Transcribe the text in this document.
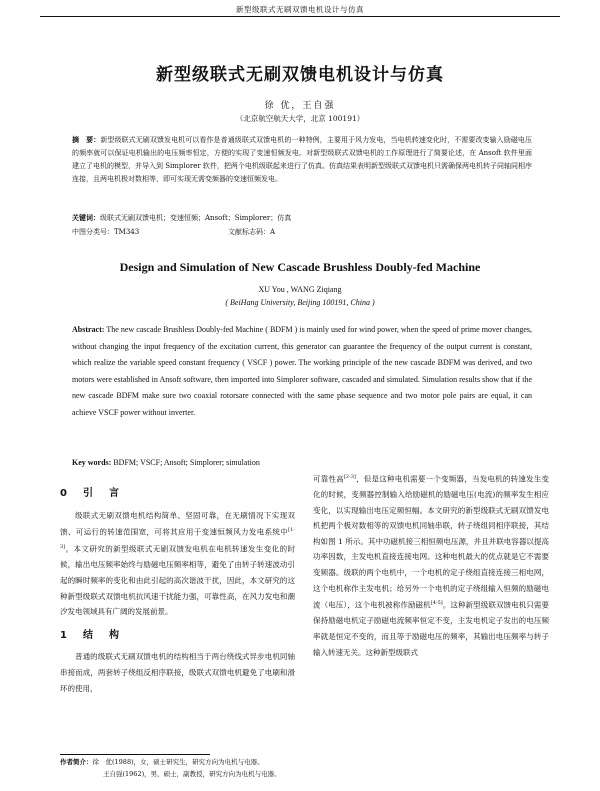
新型级联式无刷双馈电机设计与仿真
新型级联式无刷双馈电机设计与仿真
徐 优，王自强
（北京航空航天大学，北京 100191）
摘　要：新型级联式无刷双馈发电机可以看作是普通级联式双馈电机的一种特例，主要用于风力发电，当电机转速变化时，不需要改变输入励磁电压的频率就可以保证电机输出的电压频率恒定，方便的实现了变速恒频发电。对新型级联式双馈电机的工作原理进行了简要论述，在 Ansoft 软件里面建立了电机的模型，并导入到 Simplorer 软件，把两个电机级联起来进行了仿真。仿真结果表明新型级联式双馈电机只需确保两电机转子同轴同相序连接，且两电机极对数相等，即可实现无需变频器的变速恒频发电。
关键词：级联式无刷双馈电机；变速恒频；Ansoft；Simplorer；仿真
中图分类号：TM343	文献标志码：A
Design and Simulation of New Cascade Brushless Doubly-fed Machine
XU You , WANG Ziqiang
( BeiHang University, Beijing 100191, China )
Abstract: The new cascade Brushless Doubly-fed Machine ( BDFM ) is mainly used for wind power, when the speed of prime mover changes, without changing the input frequency of the excitation current, this generator can guarantee the frequency of the output current is constant, which realize the variable speed constant frequency ( VSCF ) power. The working principle of the new cascade BDFM was derived, and two motors were established in Ansoft software, then imported into Simplorer software, cascaded and simulated. Simulation results show that if the new cascade BDFM make sure two coaxial rotorsare connected with the same phase sequence and two motor pole pairs are equal, it can achieve VSCF power without inverter.
Key words: BDFM; VSCF; Ansoft; Simplorer; simulation
0　引　言

级联式无刷双馈电机结构简单、坚固可靠，在无刷情况下实现双馈、可运行的转速范围宽，可将其应用于变速恒频风力发电系统中[1-3]。本文研究的新型级联式无刷双馈发电机在电机转速发生变化的时候，输出电压频率始终与励磁电压频率相等，避免了由转子转速波动引起的瞬时频率的变化和由此引起的高次谐波干扰，因此，本文研究的这种新型级联式双馈电机抗风速干扰能力强，可靠性高，在风力发电和潮汐发电领域具有广阔的发展前景。

1　结　构

普通的级联式无刷双馈电机的结构相当于两台绕线式异步电机同轴串接而成，两套转子绕组反相序联接，级联式双馈电机避免了电刷和滑环的使用，

可靠性高[2-3]，但是这种电机需要一个变频器，当发电机的转速发生变化的时候，变频器控制输入给励磁机的励磁电压(电流)的频率发生相应变化，以实现输出电压定频恒幅。本文研究的新型级联式无刷双馈发电机把两个极对数相等的双馈电机同轴串联，转子绕组同相序联接，其结构如图 1 所示。其中功磁机接三相恒频电压源，并且并联电容器以提高功率因数，主发电机直接连接电网。这种电机最大的优点就是它不需要变频器。级联的两个电机中，一个电机的定子绕组直接连接三相电网，这个电机称作主发电机；给另外一个电机的定子绕组输入恒频的励磁电流（电压），这个电机被称作励磁机[4-5]。这种新型级联双馈电机只需要保持励磁电机定子励磁电流频率恒定不变，主发电机定子发出的电压频率就是恒定不变的，而且等于励磁电压的频率，其输出电压频率与转子输入转速无关。这种新型级联式

作者简介：徐　优(1988)，女，硕士研究生，研究方向为电机与电器。
王自强(1962)，男，硕士，副教授，研究方向为电机与电器。
